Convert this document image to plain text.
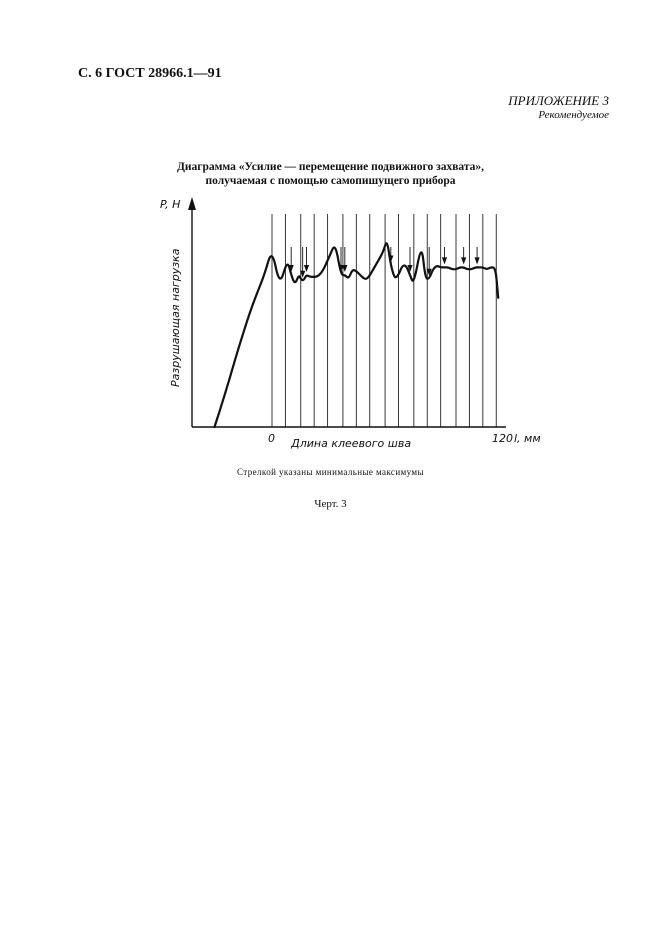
С. 6 ГОСТ 28966.1—91
ПРИЛОЖЕНИЕ 3
Рекомендуемое
Диаграмма «Усилие — перемещение подвижного захвата»,
получаемая с помощью самопишущего прибора
P, Н
Разрушающая нагрузка
0	120 l, мм
Длина клеевого шва
Стрелкой указаны минимальные максимумы
Черт. 3
